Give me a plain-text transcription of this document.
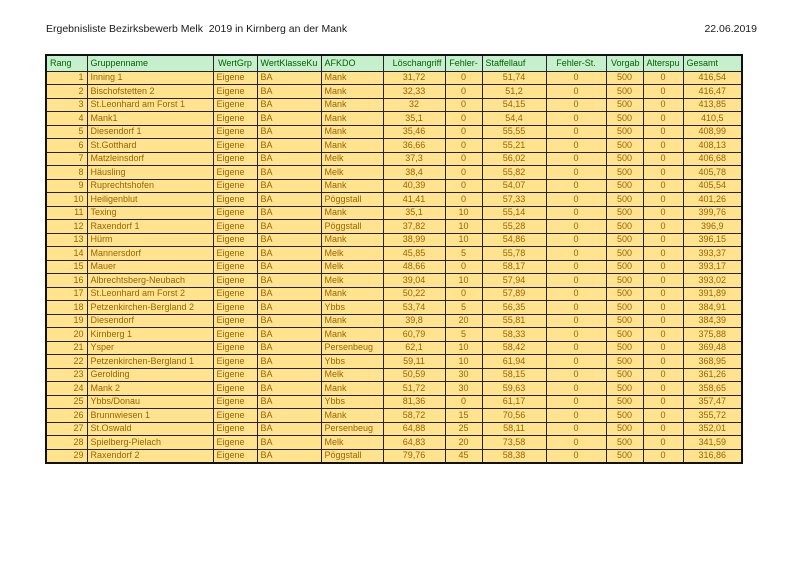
Ergebnisliste Bezirksbewerb Melk  2019 in Kirnberg an der Mank	22.06.2019
Rang	Gruppenname	WertGrp	WertKlasseKu	AFKDO	Löschangriff	Fehler-	Staffellauf	Fehler-St.	Vorgab	Alterspu	Gesamt
1	Inning 1	Eigene	BA	Mank	31,72	0	51,74	0	500	0	416,54
2	Bischofstetten 2	Eigene	BA	Mank	32,33	0	51,2	0	500	0	416,47
3	St.Leonhard am Forst 1	Eigene	BA	Mank	32	0	54,15	0	500	0	413,85
4	Mank1	Eigene	BA	Mank	35,1	0	54,4	0	500	0	410,5
5	Diesendorf 1	Eigene	BA	Mank	35,46	0	55,55	0	500	0	408,99
6	St.Gotthard	Eigene	BA	Mank	36,66	0	55,21	0	500	0	408,13
7	Matzleinsdorf	Eigene	BA	Melk	37,3	0	56,02	0	500	0	406,68
8	Häusling	Eigene	BA	Melk	38,4	0	55,82	0	500	0	405,78
9	Ruprechtshofen	Eigene	BA	Mank	40,39	0	54,07	0	500	0	405,54
10	Heiligenblut	Eigene	BA	Pöggstall	41,41	0	57,33	0	500	0	401,26
11	Texing	Eigene	BA	Mank	35,1	10	55,14	0	500	0	399,76
12	Raxendorf 1	Eigene	BA	Pöggstall	37,82	10	55,28	0	500	0	396,9
13	Hürm	Eigene	BA	Mank	38,99	10	54,86	0	500	0	396,15
14	Mannersdorf	Eigene	BA	Melk	45,85	5	55,78	0	500	0	393,37
15	Mauer	Eigene	BA	Melk	48,66	0	58,17	0	500	0	393,17
16	Albrechtsberg-Neubach	Eigene	BA	Melk	39,04	10	57,94	0	500	0	393,02
17	St.Leonhard am Forst 2	Eigene	BA	Mank	50,22	0	57,89	0	500	0	391,89
18	Petzenkirchen-Bergland 2	Eigene	BA	Ybbs	53,74	5	56,35	0	500	0	384,91
19	Diesendorf	Eigene	BA	Mank	39,8	20	55,81	0	500	0	384,39
20	Kirnberg 1	Eigene	BA	Mank	60,79	5	58,33	0	500	0	375,88
21	Ysper	Eigene	BA	Persenbeug	62,1	10	58,42	0	500	0	369,48
22	Petzenkirchen-Bergland 1	Eigene	BA	Ybbs	59,11	10	61,94	0	500	0	368,95
23	Gerolding	Eigene	BA	Melk	50,59	30	58,15	0	500	0	361,26
24	Mank 2	Eigene	BA	Mank	51,72	30	59,63	0	500	0	358,65
25	Ybbs/Donau	Eigene	BA	Ybbs	81,36	0	61,17	0	500	0	357,47
26	Brunnwiesen 1	Eigene	BA	Mank	58,72	15	70,56	0	500	0	355,72
27	St.Oswald	Eigene	BA	Persenbeug	64,88	25	58,11	0	500	0	352,01
28	Spielberg-Pielach	Eigene	BA	Melk	64,83	20	73,58	0	500	0	341,59
29	Raxendorf 2	Eigene	BA	Pöggstall	79,76	45	58,38	0	500	0	316,86
